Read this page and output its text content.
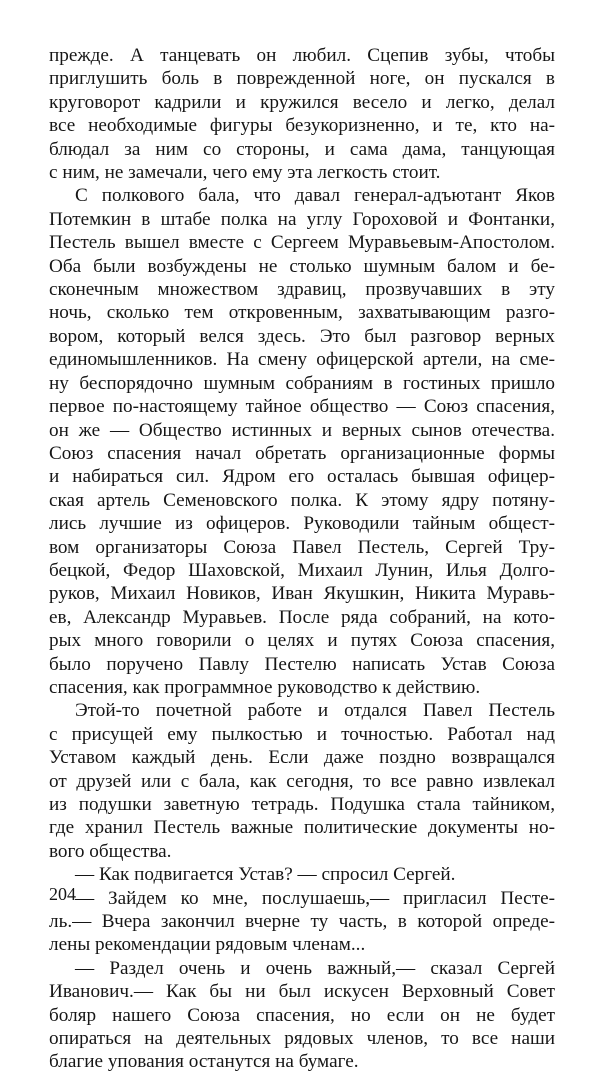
прежде. А танцевать он любил. Сцепив зубы, чтобы
приглушить боль в поврежденной ноге, он пускался в
круговорот кадрили и кружился весело и легко, делал
все необходимые фигуры безукоризненно, и те, кто на-
блюдал за ним со стороны, и сама дама, танцующая
с ним, не замечали, чего ему эта легкость стоит.
С полкового бала, что давал генерал-адъютант Яков
Потемкин в штабе полка на углу Гороховой и Фонтанки,
Пестель вышел вместе с Сергеем Муравьевым-Апостолом.
Оба были возбуждены не столько шумным балом и бе-
сконечным множеством здравиц, прозвучавших в эту
ночь, сколько тем откровенным, захватывающим разго-
вором, который велся здесь. Это был разговор верных
единомышленников. На смену офицерской артели, на сме-
ну беспорядочно шумным собраниям в гостиных пришло
первое по-настоящему тайное общество — Союз спасения,
он же — Общество истинных и верных сынов отечества.
Союз спасения начал обретать организационные формы
и набираться сил. Ядром его осталась бывшая офицер-
ская артель Семеновского полка. К этому ядру потяну-
лись лучшие из офицеров. Руководили тайным общест-
вом организаторы Союза Павел Пестель, Сергей Тру-
бецкой, Федор Шаховской, Михаил Лунин, Илья Долго-
руков, Михаил Новиков, Иван Якушкин, Никита Муравь-
ев, Александр Муравьев. После ряда собраний, на кото-
рых много говорили о целях и путях Союза спасения,
было поручено Павлу Пестелю написать Устав Союза
спасения, как программное руководство к действию.
Этой-то почетной работе и отдался Павел Пестель
с присущей ему пылкостью и точностью. Работал над
Уставом каждый день. Если даже поздно возвращался
от друзей или с бала, как сегодня, то все равно извлекал
из подушки заветную тетрадь. Подушка стала тайником,
где хранил Пестель важные политические документы но-
вого общества.
— Как подвигается Устав? — спросил Сергей.
— Зайдем ко мне, послушаешь,— пригласил Песте-
ль.— Вчера закончил вчерне ту часть, в которой опреде-
лены рекомендации рядовым членам...
— Раздел очень и очень важный,— сказал Сергей
Иванович.— Как бы ни был искусен Верховный Совет
боляр нашего Союза спасения, но если он не будет
опираться на деятельных рядовых членов, то все наши
благие упования останутся на бумаге.
204
